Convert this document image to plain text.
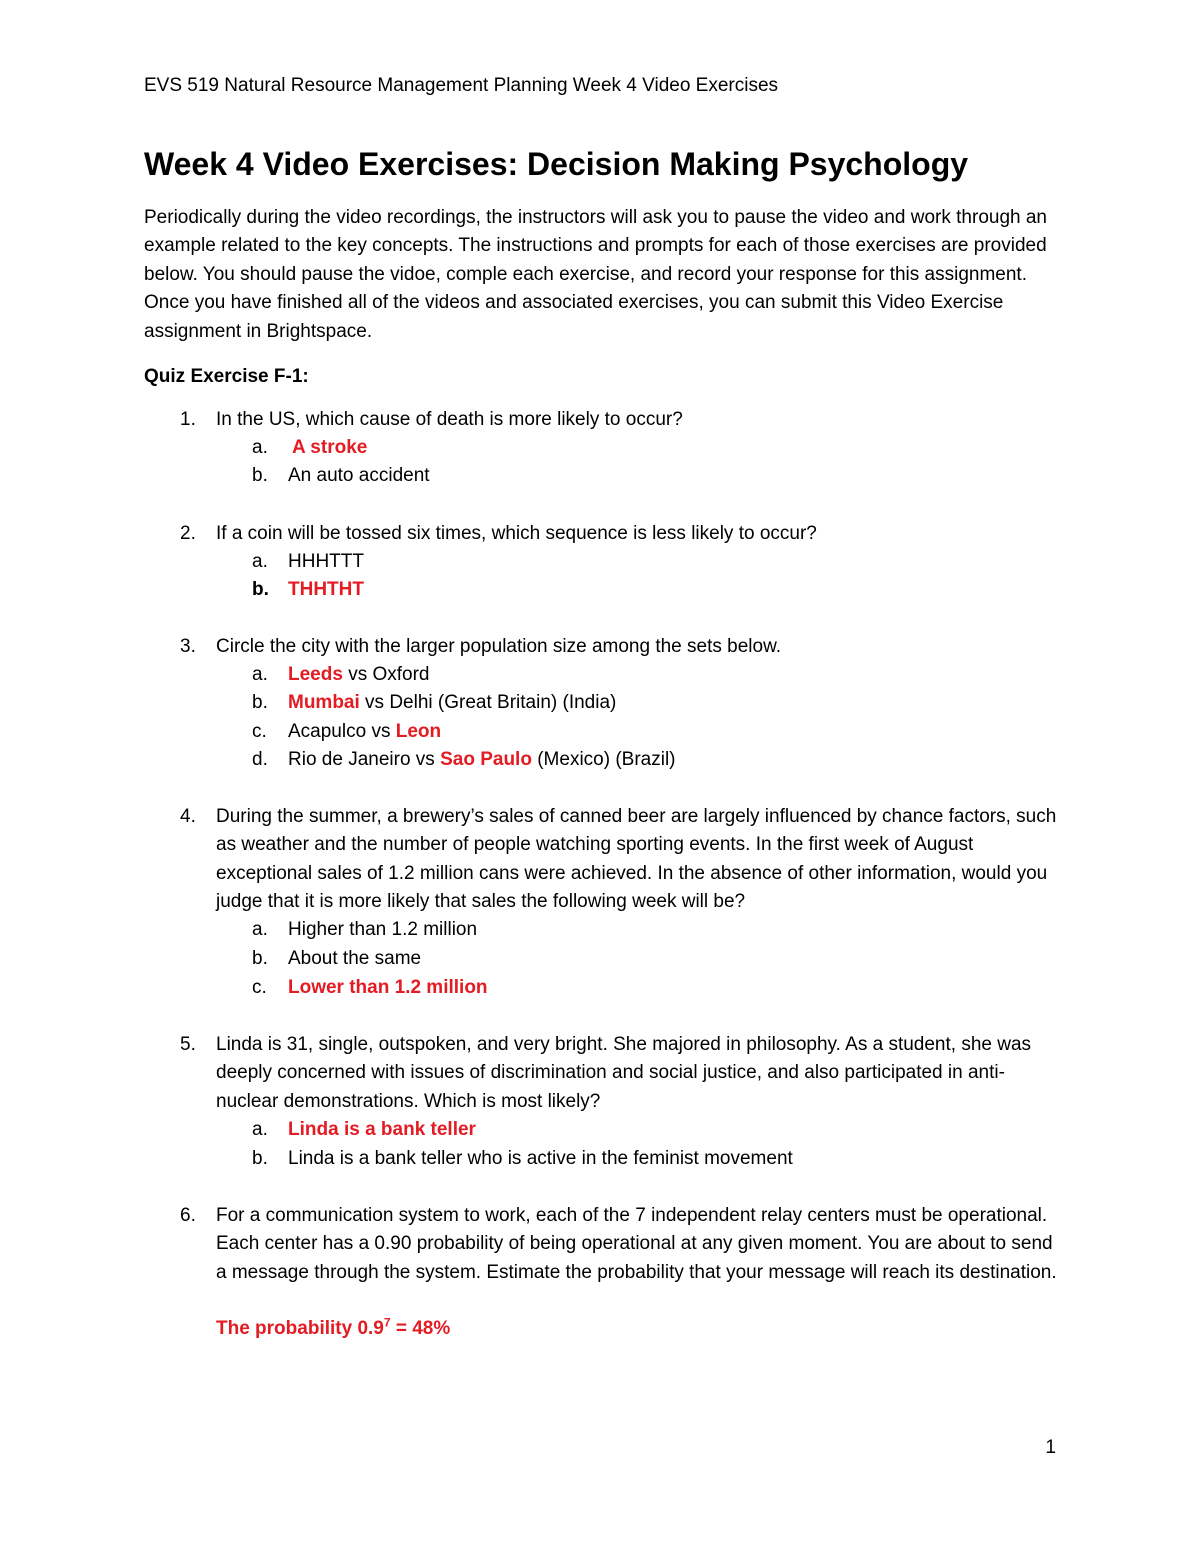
EVS 519 Natural Resource Management Planning Week 4 Video Exercises
Week 4 Video Exercises: Decision Making Psychology
Periodically during the video recordings, the instructors will ask you to pause the video and work through an example related to the key concepts. The instructions and prompts for each of those exercises are provided below. You should pause the vidoe, comple each exercise, and record your response for this assignment. Once you have finished all of the videos and associated exercises, you can submit this Video Exercise assignment in Brightspace.
Quiz Exercise F-1:
1. In the US, which cause of death is more likely to occur?
a. A stroke
b. An auto accident
2. If a coin will be tossed six times, which sequence is less likely to occur?
a. HHHTTT
b. THHTHT
3. Circle the city with the larger population size among the sets below.
a. Leeds vs Oxford
b. Mumbai vs Delhi (Great Britain) (India)
c. Acapulco vs Leon
d. Rio de Janeiro vs Sao Paulo (Mexico) (Brazil)
4. During the summer, a brewery’s sales of canned beer are largely influenced by chance factors, such as weather and the number of people watching sporting events. In the first week of August exceptional sales of 1.2 million cans were achieved. In the absence of other information, would you judge that it is more likely that sales the following week will be?
a. Higher than 1.2 million
b. About the same
c. Lower than 1.2 million
5. Linda is 31, single, outspoken, and very bright. She majored in philosophy. As a student, she was deeply concerned with issues of discrimination and social justice, and also participated in anti-nuclear demonstrations. Which is most likely?
a. Linda is a bank teller
b. Linda is a bank teller who is active in the feminist movement
6. For a communication system to work, each of the 7 independent relay centers must be operational. Each center has a 0.90 probability of being operational at any given moment. You are about to send a message through the system. Estimate the probability that your message will reach its destination.
The probability $0.9^7 = 48\%$
1
